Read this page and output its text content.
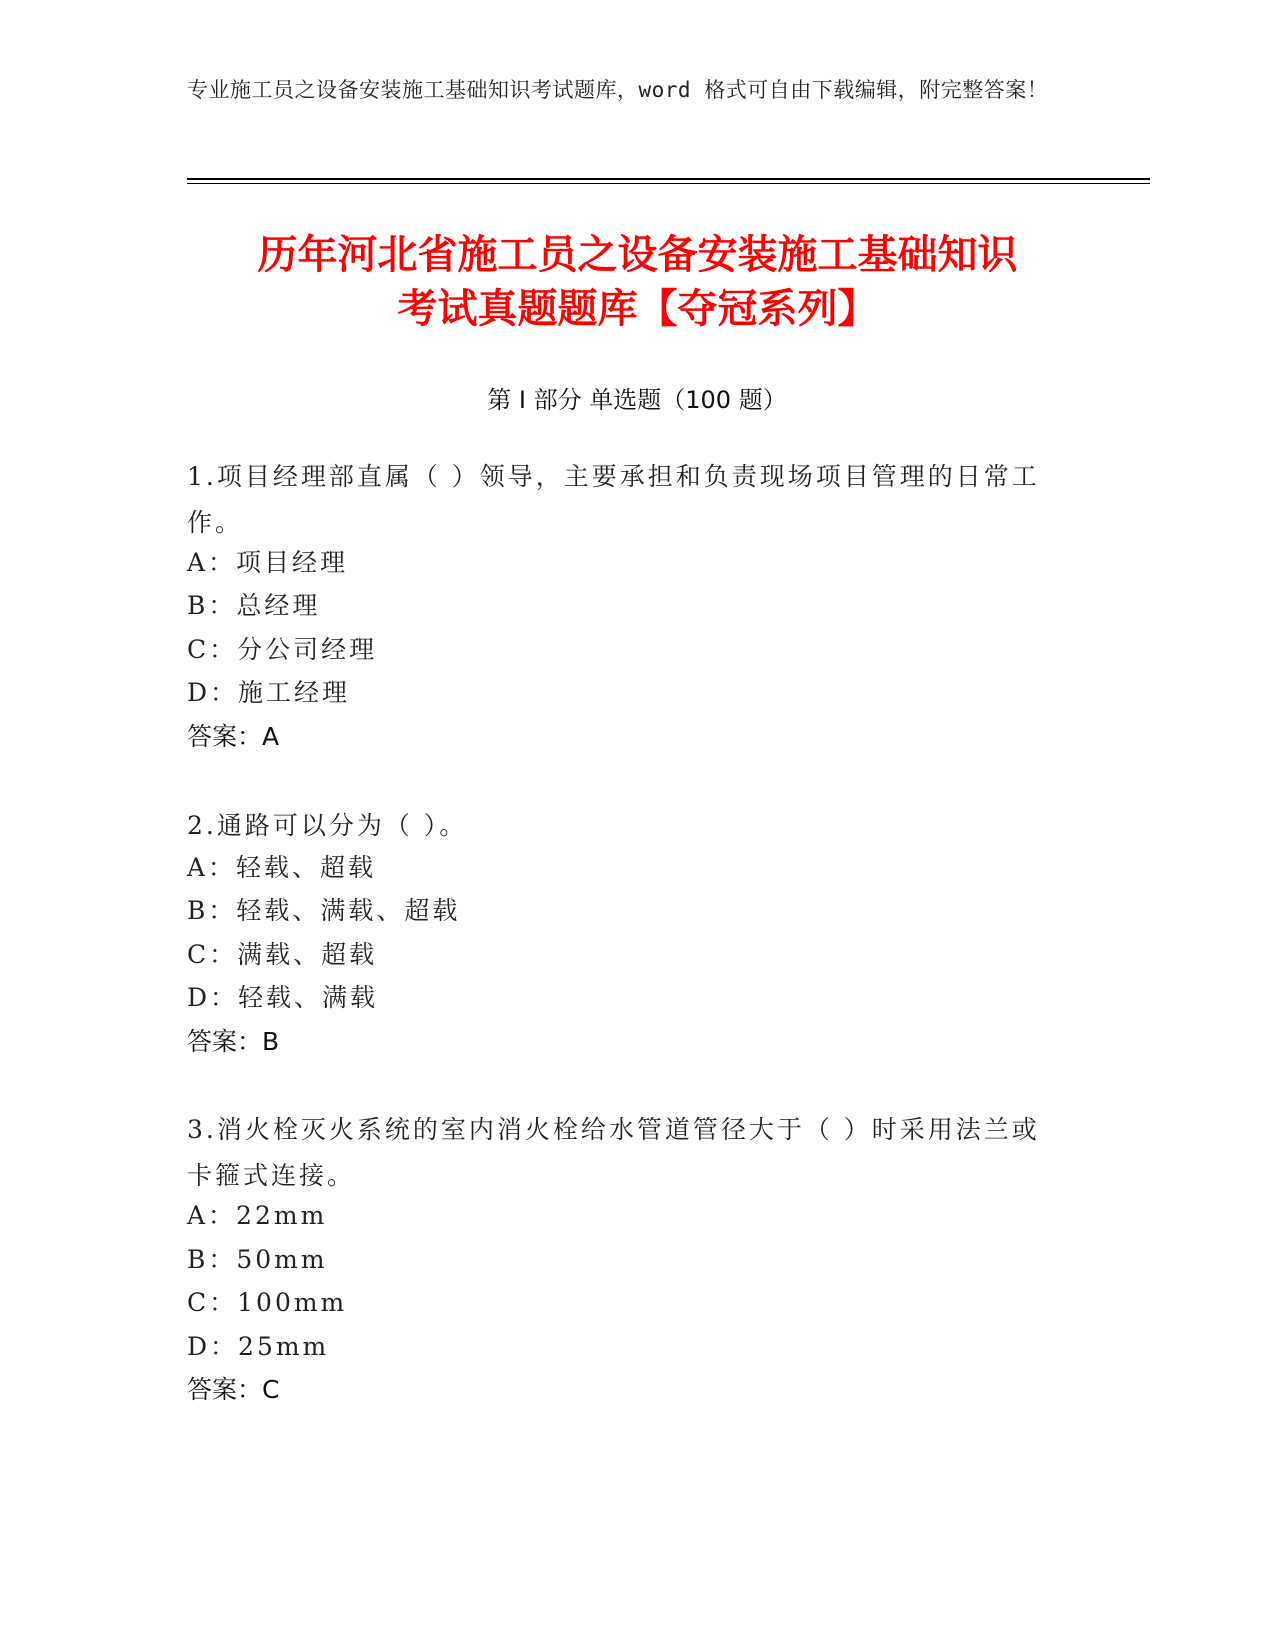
专业施工员之设备安装施工基础知识考试题库，word 格式可自由下载编辑，附完整答案！
历年河北省施工员之设备安装施工基础知识
考试真题题库【夺冠系列】
第 I 部分 单选题（100 题）
1.项目经理部直属（ ）领导，主要承担和负责现场项目管理的日常工作。
A：项目经理
B：总经理
C：分公司经理
D：施工经理
答案：A
2.通路可以分为（ ）。
A：轻载、超载
B：轻载、满载、超载
C：满载、超载
D：轻载、满载
答案：B
3.消火栓灭火系统的室内消火栓给水管道管径大于（ ）时采用法兰或卡箍式连接。
A：22mm
B：50mm
C：100mm
D：25mm
答案：C
